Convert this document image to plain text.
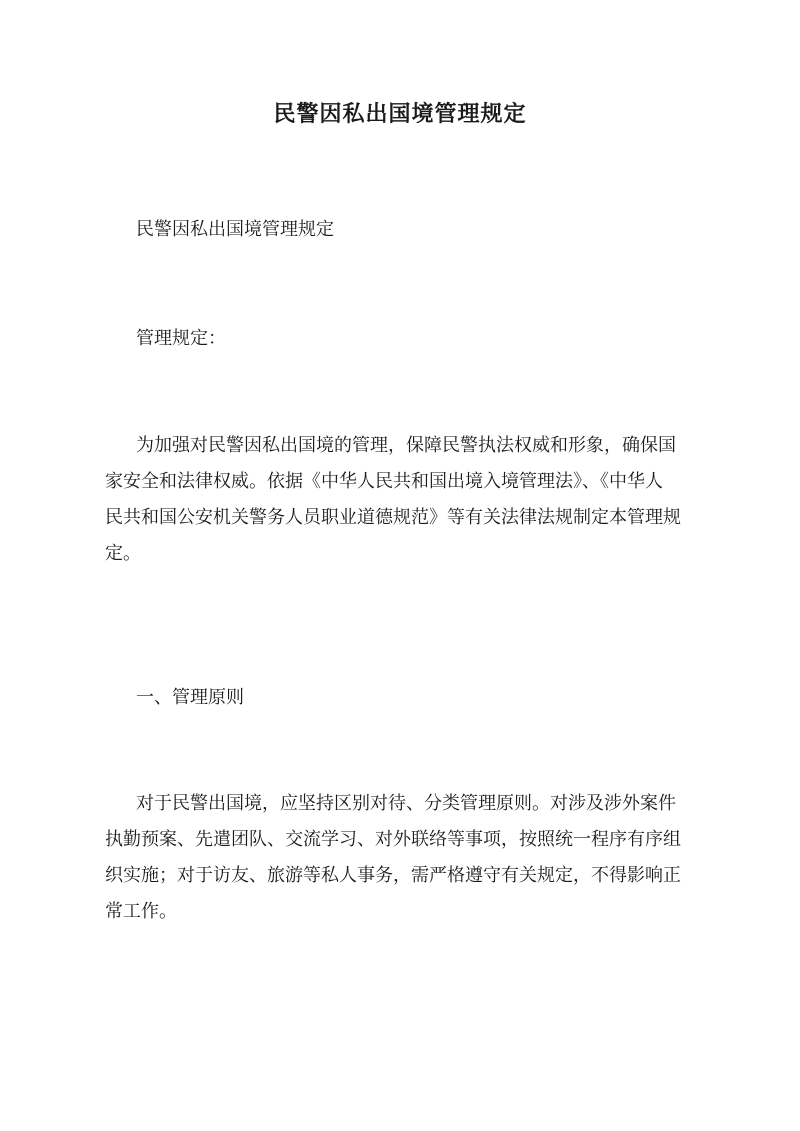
民警因私出国境管理规定

民警因私出国境管理规定

管理规定：

为加强对民警因私出国境的管理，保障民警执法权威和形象，确保国
家安全和法律权威。依据《中华人民共和国出境入境管理法》、《中华人
民共和国公安机关警务人员职业道德规范》等有关法律法规制定本管理规
定。

一、管理原则

对于民警出国境，应坚持区别对待、分类管理原则。对涉及涉外案件
执勤预案、先遣团队、交流学习、对外联络等事项，按照统一程序有序组
织实施；对于访友、旅游等私人事务，需严格遵守有关规定，不得影响正
常工作。
